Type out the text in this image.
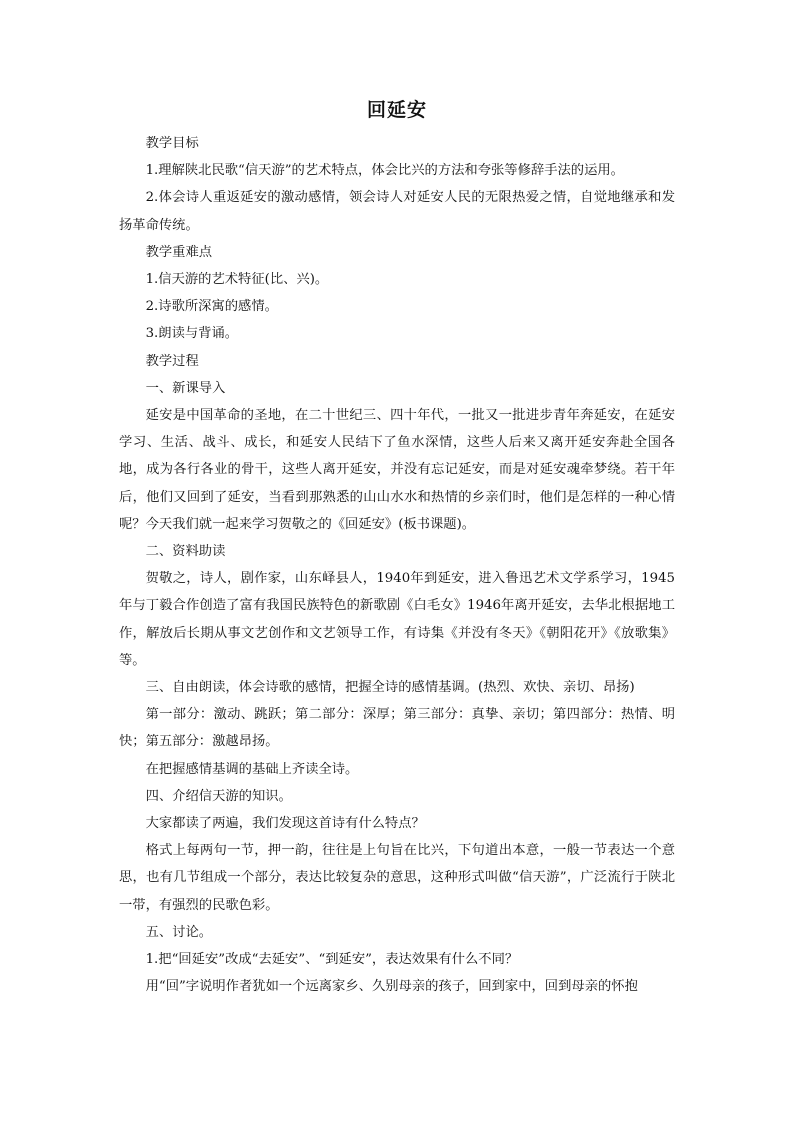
回延安

教学目标

1.理解陕北民歌“信天游”的艺术特点，体会比兴的方法和夸张等修辞手法的运用。

2.体会诗人重返延安的激动感情，领会诗人对延安人民的无限热爱之情，自觉地继承和发扬革命传统。

教学重难点

1.信天游的艺术特征(比、兴)。

2.诗歌所深寓的感情。

3.朗读与背诵。

教学过程

一、新课导入

延安是中国革命的圣地，在二十世纪三、四十年代，一批又一批进步青年奔延安，在延安学习、生活、战斗、成长，和延安人民结下了鱼水深情，这些人后来又离开延安奔赴全国各地，成为各行各业的骨干，这些人离开延安，并没有忘记延安，而是对延安魂牵梦绕。若干年后，他们又回到了延安，当看到那熟悉的山山水水和热情的乡亲们时，他们是怎样的一种心情呢？今天我们就一起来学习贺敬之的《回延安》(板书课题)。

二、资料助读

贺敬之，诗人，剧作家，山东峄县人，1940年到延安，进入鲁迅艺术文学系学习，1945年与丁毅合作创造了富有我国民族特色的新歌剧《白毛女》1946年离开延安，去华北根据地工作，解放后长期从事文艺创作和文艺领导工作，有诗集《并没有冬天》《朝阳花开》《放歌集》等。

三、自由朗读，体会诗歌的感情，把握全诗的感情基调。(热烈、欢快、亲切、昂扬)

第一部分：激动、跳跃；第二部分：深厚；第三部分：真挚、亲切；第四部分：热情、明快；第五部分：激越昂扬。

在把握感情基调的基础上齐读全诗。

四、介绍信天游的知识。

大家都读了两遍，我们发现这首诗有什么特点？

格式上每两句一节，押一韵，往往是上句旨在比兴，下句道出本意，一般一节表达一个意思，也有几节组成一个部分，表达比较复杂的意思，这种形式叫做“信天游”，广泛流行于陕北一带，有强烈的民歌色彩。

五、讨论。

1.把“回延安”改成“去延安”、“到延安”，表达效果有什么不同？

用“回”字说明作者犹如一个远离家乡、久别母亲的孩子，回到家中，回到母亲的怀抱
